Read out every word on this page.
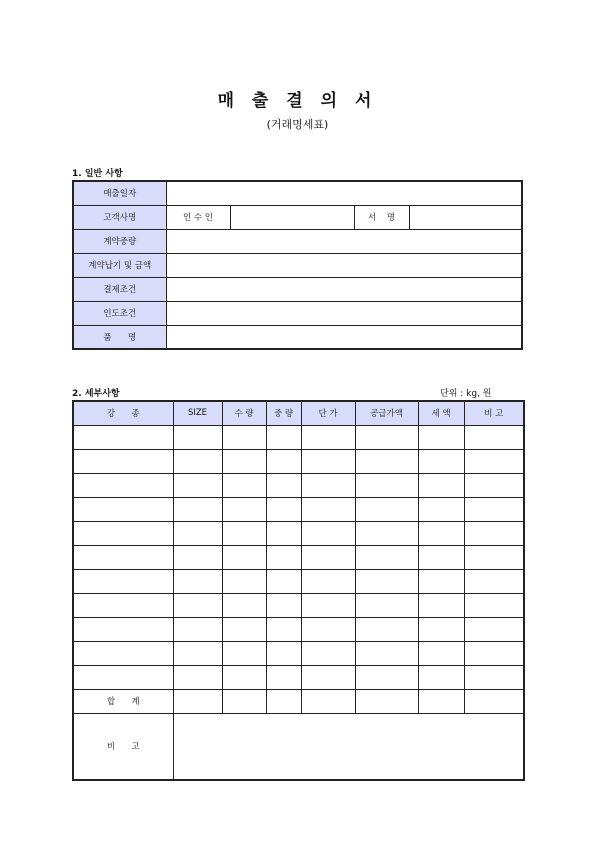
매 출 결 의 서
(거래명세표)
1. 일반 사항
매출일자				
고객사명	인 수 인		서    명	
계약중량				
계약납기 및 금액				
결제조건				
인도조건				
품      명				
2. 세부사항	단위 : kg, 원
강      종	SIZE	수 량	중 량	단 가	공급가액	세 액	비 고

합      계							
비      고							
